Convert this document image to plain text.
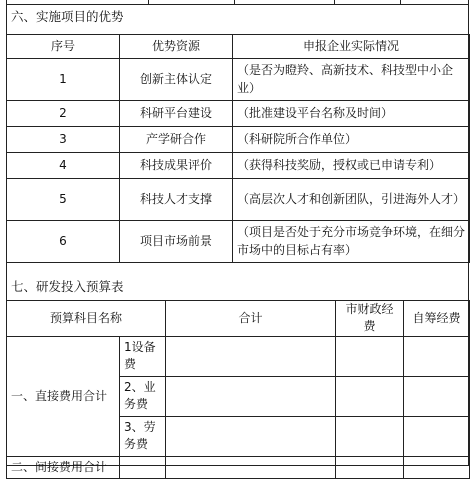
六、实施项目的优势
序号	优势资源	申报企业实际情况
1	创新主体认定	（是否为瞪羚、高新技术、科技型中小企业）
2	科研平台建设	（批准建设平台名称及时间）
3	产学研合作	（科研院所合作单位）
4	科技成果评价	（获得科技奖励，授权或已申请专利）
5	科技人才支撑	（高层次人才和创新团队，引进海外人才）
6	项目市场前景	（项目是否处于充分市场竞争环境，在细分市场中的目标占有率）
七、研发投入预算表
预算科目名称		合计	市财政经费	自筹经费
一、直接费用合计	1设备费			
	2、业务费			
	3、劳务费			
二、间接费用合计				
